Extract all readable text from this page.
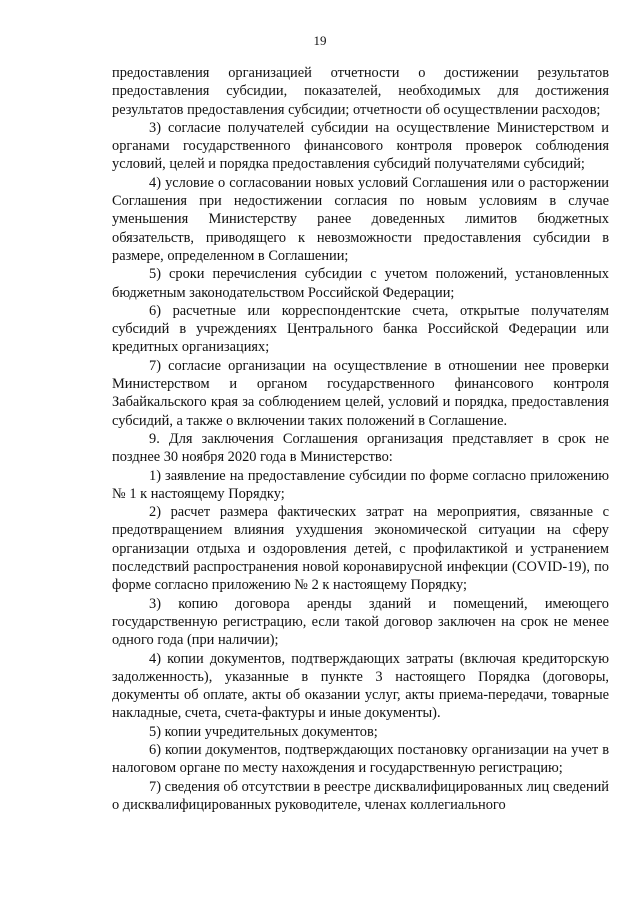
19

предоставления организацией отчетности о достижении результатов предоставления субсидии, показателей, необходимых для достижения результатов предоставления субсидии; отчетности об осуществлении расходов;

3) согласие получателей субсидии на осуществление Министерством и органами государственного финансового контроля проверок соблюдения условий, целей и порядка предоставления субсидий получателями субсидий;

4) условие о согласовании новых условий Соглашения или о расторжении Соглашения при недостижении согласия по новым условиям в случае уменьшения Министерству ранее доведенных лимитов бюджетных обязательств, приводящего к невозможности предоставления субсидии в размере, определенном в Соглашении;

5) сроки перечисления субсидии с учетом положений, установленных бюджетным законодательством Российской Федерации;

6) расчетные или корреспондентские счета, открытые получателям субсидий в учреждениях Центрального банка Российской Федерации или кредитных организациях;

7) согласие организации на осуществление в отношении нее проверки Министерством и органом государственного финансового контроля Забайкальского края за соблюдением целей, условий и порядка, предоставления субсидий, а также о включении таких положений в Соглашение.

9. Для заключения Соглашения организация представляет в срок не позднее 30 ноября 2020 года в Министерство:

1) заявление на предоставление субсидии по форме согласно приложению № 1 к настоящему Порядку;

2) расчет размера фактических затрат на мероприятия, связанные с предотвращением влияния ухудшения экономической ситуации на сферу организации отдыха и оздоровления детей, с профилактикой и устранением последствий распространения новой коронавирусной инфекции (COVID-19), по форме согласно приложению № 2 к настоящему Порядку;

3) копию договора аренды зданий и помещений, имеющего государственную регистрацию, если такой договор заключен на срок не менее одного года (при наличии);

4) копии документов, подтверждающих затраты (включая кредиторскую задолженность), указанные в пункте 3 настоящего Порядка (договоры, документы об оплате, акты об оказании услуг, акты приема-передачи, товарные накладные, счета, счета-фактуры и иные документы).

5) копии учредительных документов;

6) копии документов, подтверждающих постановку организации на учет в налоговом органе по месту нахождения и государственную регистрацию;

7) сведения об отсутствии в реестре дисквалифицированных лиц сведений о дисквалифицированных руководителе, членах коллегиального
